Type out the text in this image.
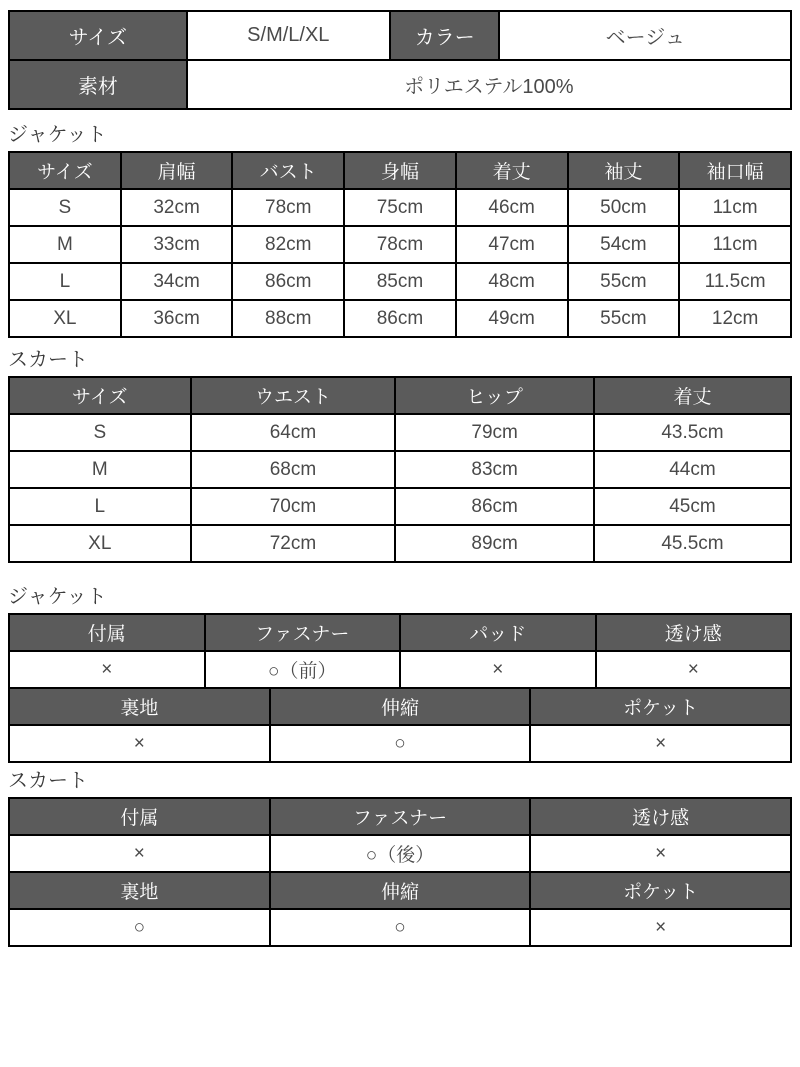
サイズ	S/M/L/XL	カラー	ベージュ
素材	ポリエステル100%		
ジャケット
サイズ	肩幅	バスト	身幅	着丈	袖丈	袖口幅
S	32cm	78cm	75cm	46cm	50cm	11cm
M	33cm	82cm	78cm	47cm	54cm	11cm
L	34cm	86cm	85cm	48cm	55cm	11.5cm
XL	36cm	88cm	86cm	49cm	55cm	12cm
スカート
サイズ	ウエスト	ヒップ	着丈
S	64cm	79cm	43.5cm
M	68cm	83cm	44cm
L	70cm	86cm	45cm
XL	72cm	89cm	45.5cm
ジャケット
付属	ファスナー	パッド	透け感
×	○（前）	×	×
裏地	伸縮	ポケット
×	○	×
スカート
付属	ファスナー	透け感
×	○（後）	×
裏地	伸縮	ポケット
○	○	×
